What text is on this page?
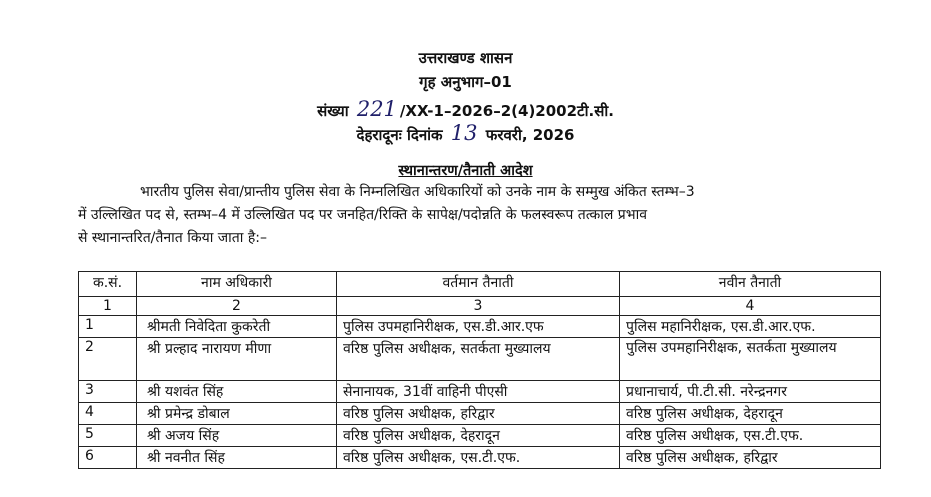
उत्तराखण्ड शासन
गृह अनुभाग–01
संख्या 221 /XX-1–2026–2(4)2002टी.सी.
देहरादूनः दिनांक 13 फरवरी, 2026
स्थानान्तरण/तैनाती आदेश
भारतीय पुलिस सेवा/प्रान्तीय पुलिस सेवा के निम्नलिखित अधिकारियों को उनके नाम के सम्मुख अंकित स्तम्भ–3
में उल्लिखित पद से, स्तम्भ–4 में उल्लिखित पद पर जनहित/रिक्ति के सापेक्ष/पदोन्नति के फलस्वरूप तत्काल प्रभाव
से स्थानान्तरित/तैनात किया जाता है:–
क.सं.	नाम अधिकारी	वर्तमान तैनाती	नवीन तैनाती
1	2	3	4
1	श्रीमती निवेदिता कुकरेती	पुलिस उपमहानिरीक्षक, एस.डी.आर.एफ	पुलिस महानिरीक्षक, एस.डी.आर.एफ.
2	श्री प्रल्हाद नारायण मीणा	वरिष्ठ पुलिस अधीक्षक, सतर्कता मुख्यालय	पुलिस उपमहानिरीक्षक, सतर्कता मुख्यालय
3	श्री यशवंत सिंह	सेनानायक, 31वीं वाहिनी पीएसी	प्रधानाचार्य, पी.टी.सी. नरेन्द्रनगर
4	श्री प्रमेन्द्र डोबाल	वरिष्ठ पुलिस अधीक्षक, हरिद्वार	वरिष्ठ पुलिस अधीक्षक, देहरादून
5	श्री अजय सिंह	वरिष्ठ पुलिस अधीक्षक, देहरादून	वरिष्ठ पुलिस अधीक्षक, एस.टी.एफ.
6	श्री नवनीत सिंह	वरिष्ठ पुलिस अधीक्षक, एस.टी.एफ.	वरिष्ठ पुलिस अधीक्षक, हरिद्वार
